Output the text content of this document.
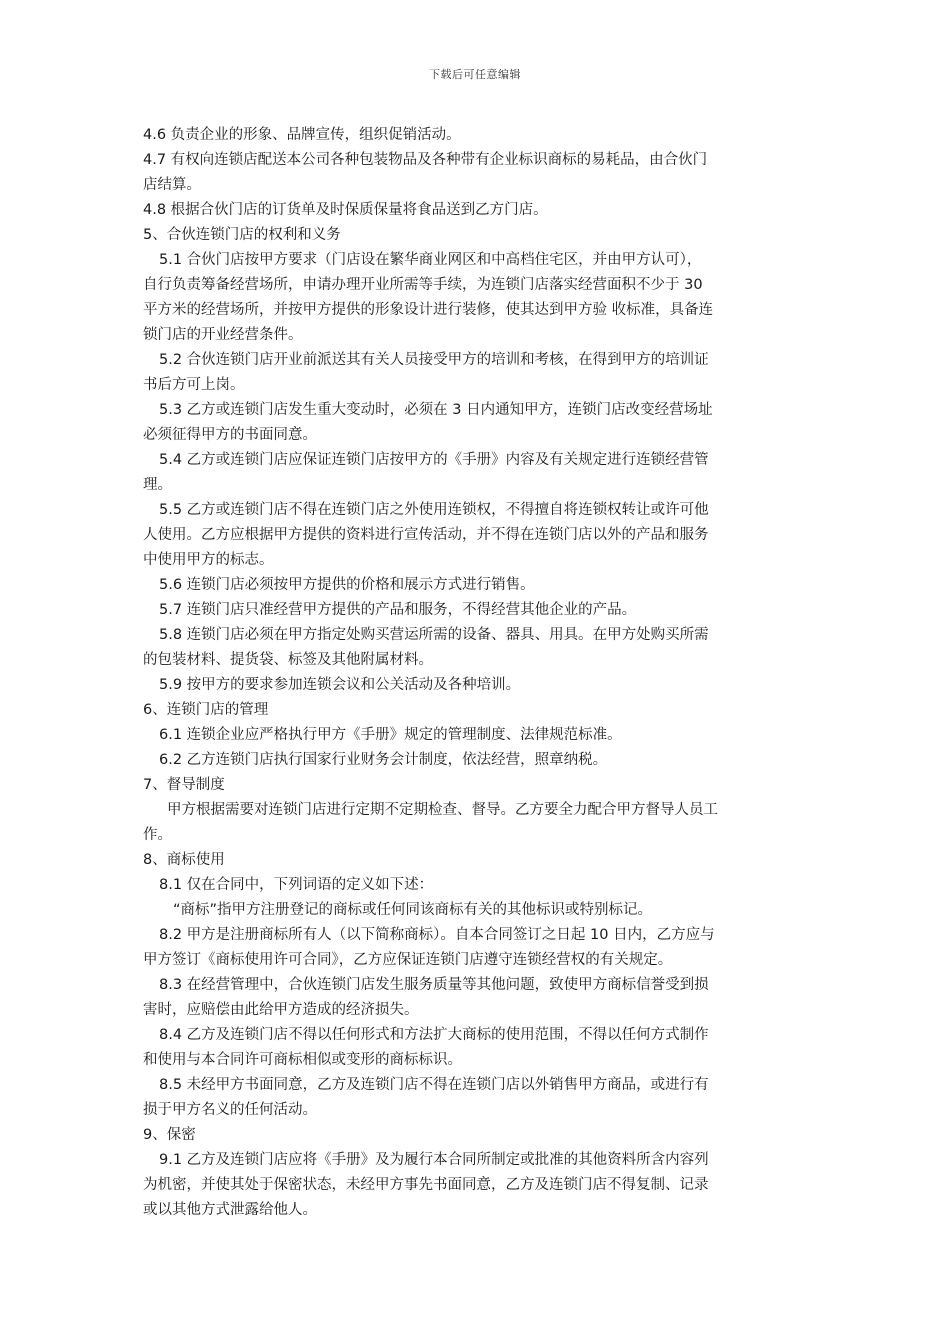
下载后可任意编辑
4.6 负责企业的形象、品牌宣传，组织促销活动。
4.7 有权向连锁店配送本公司各种包装物品及各种带有企业标识商标的易耗品，由合伙门
店结算。
4.8 根据合伙门店的订货单及时保质保量将食品送到乙方门店。
5、合伙连锁门店的权利和义务
5.1 合伙门店按甲方要求（门店设在繁华商业网区和中高档住宅区，并由甲方认可），
自行负责筹备经营场所，申请办理开业所需等手续，为连锁门店落实经营面积不少于 30
平方米的经营场所，并按甲方提供的形象设计进行装修，使其达到甲方验 收标准，具备连
锁门店的开业经营条件。
5.2 合伙连锁门店开业前派送其有关人员接受甲方的培训和考核，在得到甲方的培训证
书后方可上岗。
5.3 乙方或连锁门店发生重大变动时，必须在 3 日内通知甲方，连锁门店改变经营场址
必须征得甲方的书面同意。
5.4 乙方或连锁门店应保证连锁门店按甲方的《手册》内容及有关规定进行连锁经营管
理。
5.5 乙方或连锁门店不得在连锁门店之外使用连锁权，不得擅自将连锁权转让或许可他
人使用。乙方应根据甲方提供的资料进行宣传活动，并不得在连锁门店以外的产品和服务
中使用甲方的标志。
5.6 连锁门店必须按甲方提供的价格和展示方式进行销售。
5.7 连锁门店只准经营甲方提供的产品和服务，不得经营其他企业的产品。
5.8 连锁门店必须在甲方指定处购买营运所需的设备、器具、用具。在甲方处购买所需
的包装材料、提货袋、标签及其他附属材料。
5.9 按甲方的要求参加连锁会议和公关活动及各种培训。
6、连锁门店的管理
6.1 连锁企业应严格执行甲方《手册》规定的管理制度、法律规范标准。
6.2 乙方连锁门店执行国家行业财务会计制度，依法经营，照章纳税。
7、督导制度
甲方根据需要对连锁门店进行定期不定期检查、督导。乙方要全力配合甲方督导人员工
作。
8、商标使用
8.1 仅在合同中，下列词语的定义如下述：
“商标”指甲方注册登记的商标或任何同该商标有关的其他标识或特别标记。
8.2 甲方是注册商标所有人（以下简称商标）。自本合同签订之日起 10 日内，乙方应与
甲方签订《商标使用许可合同》，乙方应保证连锁门店遵守连锁经营权的有关规定。
8.3 在经营管理中，合伙连锁门店发生服务质量等其他问题，致使甲方商标信誉受到损
害时，应赔偿由此给甲方造成的经济损失。
8.4 乙方及连锁门店不得以任何形式和方法扩大商标的使用范围，不得以任何方式制作
和使用与本合同许可商标相似或变形的商标标识。
8.5 未经甲方书面同意，乙方及连锁门店不得在连锁门店以外销售甲方商品，或进行有
损于甲方名义的任何活动。
9、保密
9.1 乙方及连锁门店应将《手册》及为履行本合同所制定或批准的其他资料所含内容列
为机密，并使其处于保密状态，未经甲方事先书面同意，乙方及连锁门店不得复制、记录
或以其他方式泄露给他人。
